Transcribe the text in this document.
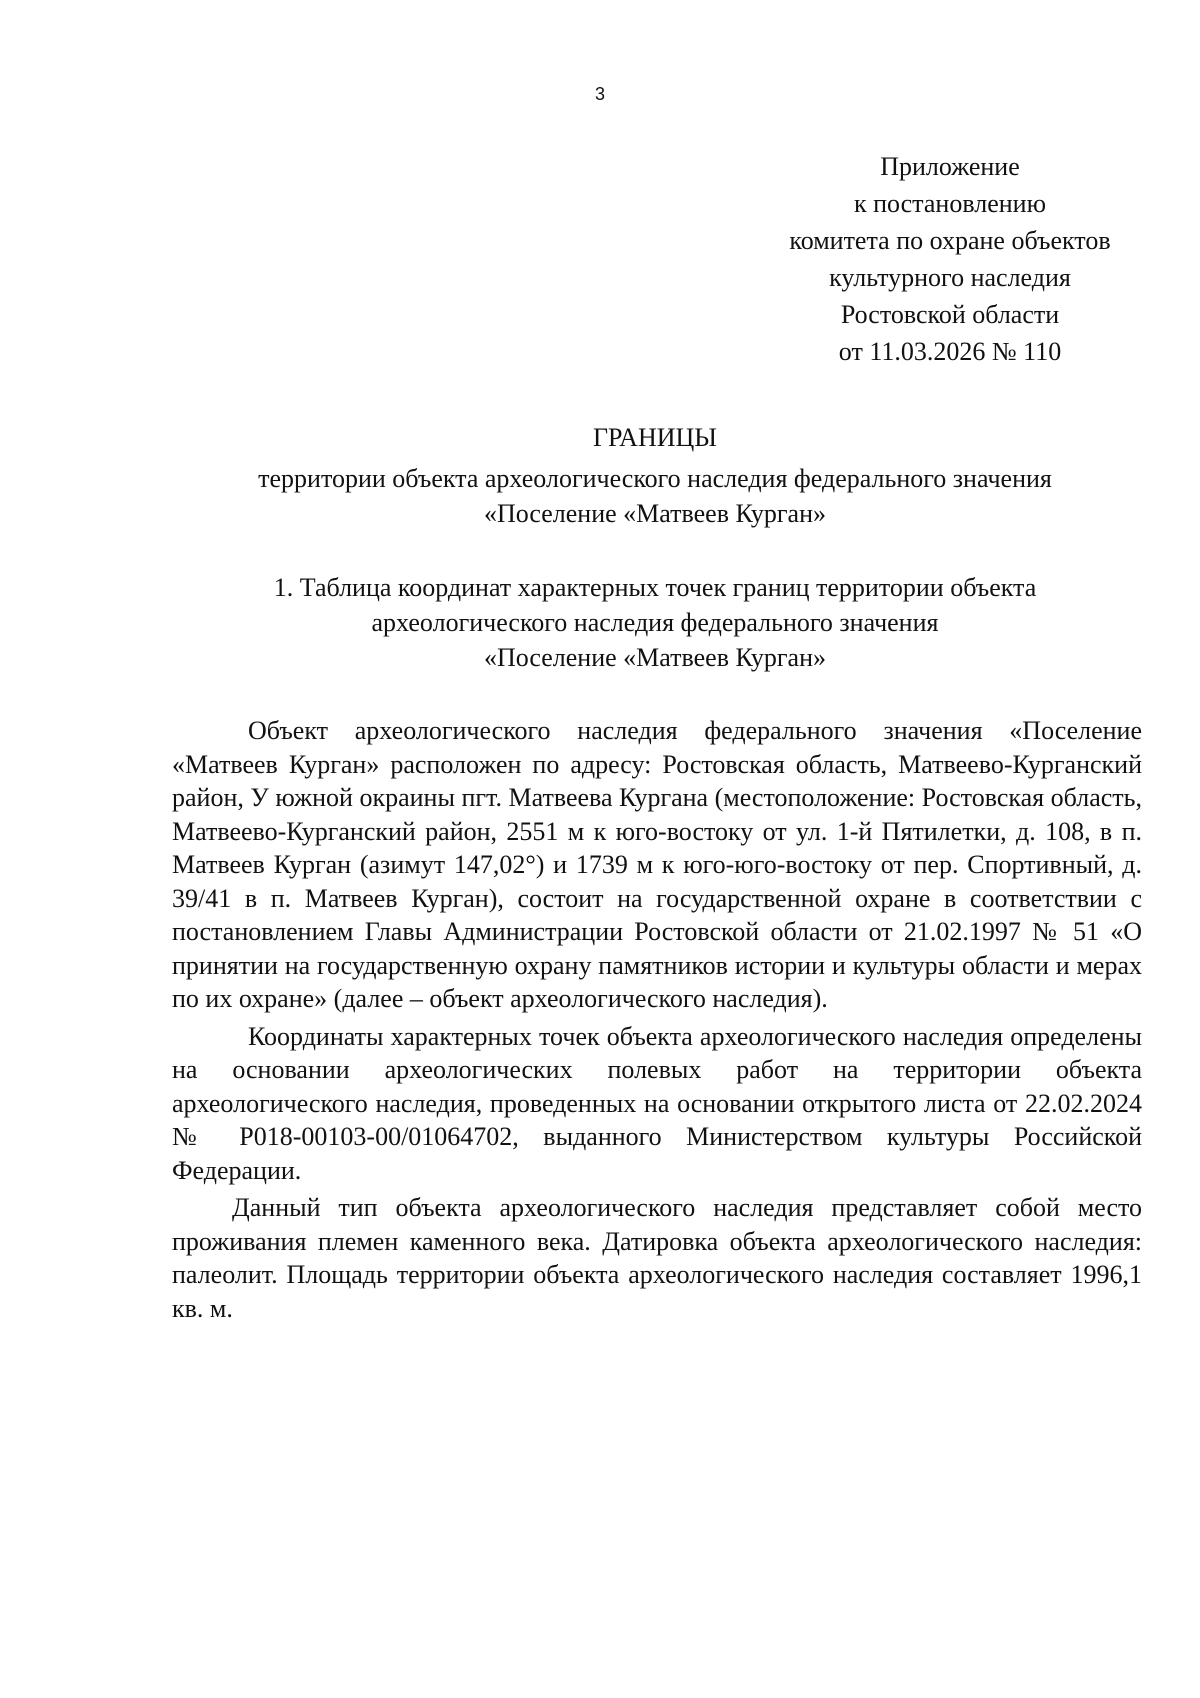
3
Приложение
к постановлению
комитета по охране объектов
культурного наследия
Ростовской области
от 11.03.2026 № 110
ГРАНИЦЫ
территории объекта археологического наследия федерального значения
«Поселение «Матвеев Курган»
1. Таблица координат характерных точек границ территории объекта
археологического наследия федерального значения
«Поселение «Матвеев Курган»

Объект археологического наследия федерального значения «Поселение «Матвеев Курган» расположен по адресу: Ростовская область, Матвеево-Курганский район, У южной окраины пгт. Матвеева Кургана (местоположение: Ростовская область, Матвеево-Курганский район, 2551 м к юго-востоку от ул. 1-й Пятилетки, д. 108, в п. Матвеев Курган (азимут 147,02°) и 1739 м к юго-юго-востоку от пер. Спортивный, д. 39/41 в п. Матвеев Курган), состоит на государственной охране в соответствии с постановлением Главы Администрации Ростовской области от 21.02.1997 № 51 «О принятии на государственную охрану памятников истории и культуры области и мерах по их охране» (далее – объект археологического наследия).

Координаты характерных точек объекта археологического наследия определены на основании археологических полевых работ на территории объекта археологического наследия, проведенных на основании открытого листа от 22.02.2024 № Р018-00103-00/01064702, выданного Министерством культуры Российской Федерации.

Данный тип объекта археологического наследия представляет собой место проживания племен каменного века. Датировка объекта археологического наследия: палеолит. Площадь территории объекта археологического наследия составляет 1996,1 кв. м.
